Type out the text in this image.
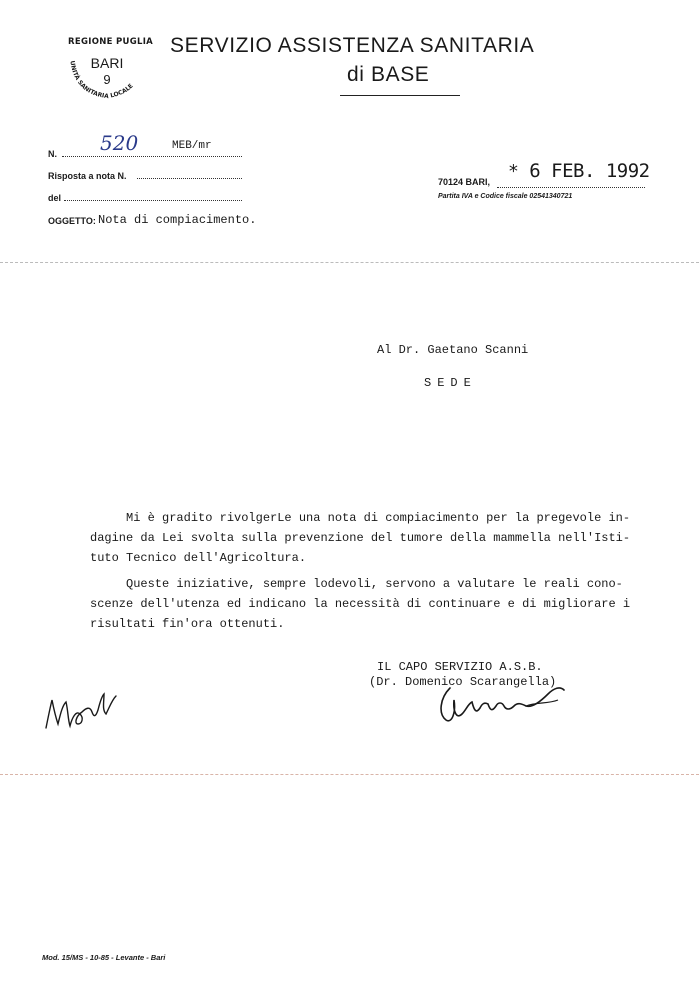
REGIONE PUGLIA
BARI
9
UNITÀ SANITARIA LOCALE
SERVIZIO ASSISTENZA SANITARIA
di BASE
N. 520	MEB/mr
Risposta a nota N.
del
OGGETTO: Nota di compiacimento.
70124 BARI, * 6 FEB. 1992
Partita IVA e Codice fiscale 02541340721
Al Dr. Gaetano Scanni
SEDE
Mi è gradito rivolgerLe una nota di compiacimento per la pregevole in-
dagine da Lei svolta sulla prevenzione del tumore della mammella nell'Isti-
tuto Tecnico dell'Agricoltura.
Queste iniziative, sempre lodevoli, servono a valutare le reali cono-
scenze dell'utenza ed indicano la necessità di continuare e di migliorare i
risultati fin'ora ottenuti.
IL CAPO SERVIZIO A.S.B.
(Dr. Domenico Scarangella)
Mod. 15/MS - 10-85 - Levante - Bari
